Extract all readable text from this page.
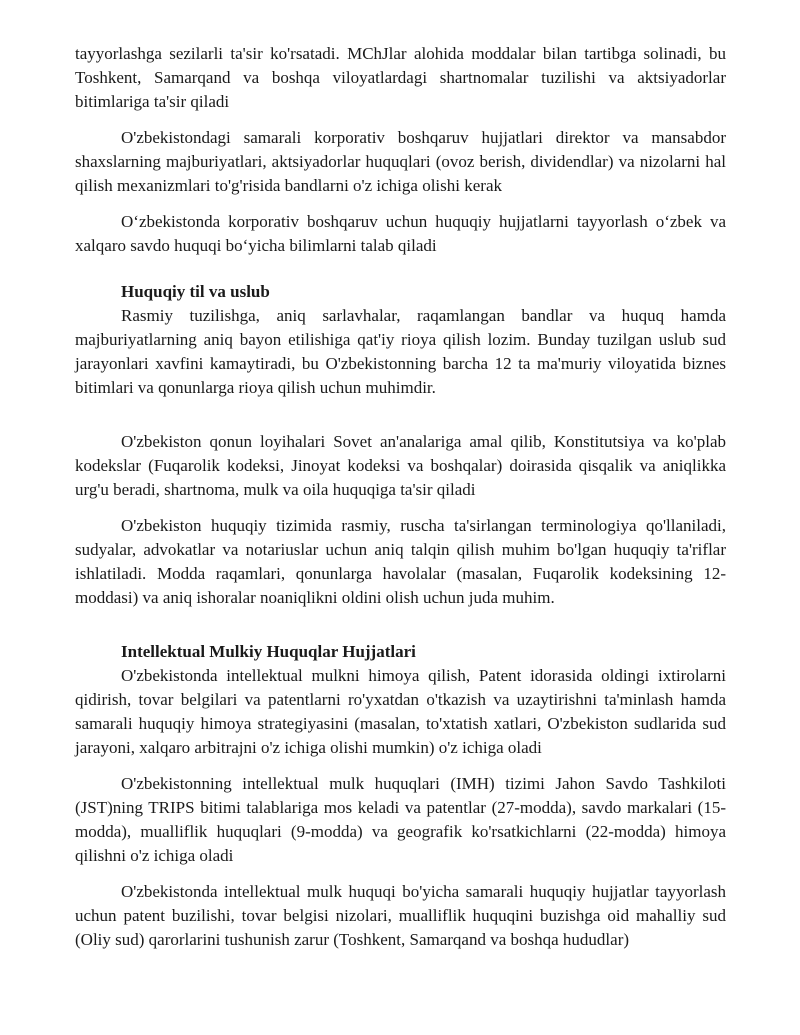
tayyorlashga sezilarli ta'sir ko'rsatadi. MChJlar alohida moddalar bilan tartibga solinadi, bu Toshkent, Samarqand va boshqa viloyatlardagi shartnomalar tuzilishi va aktsiyadorlar bitimlariga ta'sir qiladi

O'zbekistondagi samarali korporativ boshqaruv hujjatlari direktor va mansabdor shaxslarning majburiyatlari, aktsiyadorlar huquqlari (ovoz berish, dividendlar) va nizolarni hal qilish mexanizmlari to'g'risida bandlarni o'z ichiga olishi kerak

O‘zbekistonda korporativ boshqaruv uchun huquqiy hujjatlarni tayyorlash o‘zbek va xalqaro savdo huquqi bo‘yicha bilimlarni talab qiladi

Huquqiy til va uslub

Rasmiy tuzilishga, aniq sarlavhalar, raqamlangan bandlar va huquq hamda majburiyatlarning aniq bayon etilishiga qat'iy rioya qilish lozim. Bunday tuzilgan uslub sud jarayonlari xavfini kamaytiradi, bu O'zbekistonning barcha 12 ta ma'muriy viloyatida biznes bitimlari va qonunlarga rioya qilish uchun muhimdir.

O'zbekiston qonun loyihalari Sovet an'analariga amal qilib, Konstitutsiya va ko'plab kodekslar (Fuqarolik kodeksi, Jinoyat kodeksi va boshqalar) doirasida qisqalik va aniqlikka urg'u beradi, shartnoma, mulk va oila huquqiga ta'sir qiladi

O'zbekiston huquqiy tizimida rasmiy, ruscha ta'sirlangan terminologiya qo'llaniladi, sudyalar, advokatlar va notariuslar uchun aniq talqin qilish muhim bo'lgan huquqiy ta'riflar ishlatiladi. Modda raqamlari, qonunlarga havolalar (masalan, Fuqarolik kodeksining 12-moddasi) va aniq ishoralar noaniqlikni oldini olish uchun juda muhim.

Intellektual Mulkiy Huquqlar Hujjatlari

O'zbekistonda intellektual mulkni himoya qilish, Patent idorasida oldingi ixtirolarni qidirish, tovar belgilari va patentlarni ro'yxatdan o'tkazish va uzaytirishni ta'minlash hamda samarali huquqiy himoya strategiyasini (masalan, to'xtatish xatlari, O'zbekiston sudlarida sud jarayoni, xalqaro arbitrajni o'z ichiga olishi mumkin) o'z ichiga oladi

O'zbekistonning intellektual mulk huquqlari (IMH) tizimi Jahon Savdo Tashkiloti (JST)ning TRIPS bitimi talablariga mos keladi va patentlar (27-modda), savdo markalari (15-modda), mualliflik huquqlari (9-modda) va geografik ko'rsatkichlarni (22-modda) himoya qilishni o'z ichiga oladi

O'zbekistonda intellektual mulk huquqi bo'yicha samarali huquqiy hujjatlar tayyorlash uchun patent buzilishi, tovar belgisi nizolari, mualliflik huquqini buzishga oid mahalliy sud (Oliy sud) qarorlarini tushunish zarur (Toshkent, Samarqand va boshqa hududlar)
